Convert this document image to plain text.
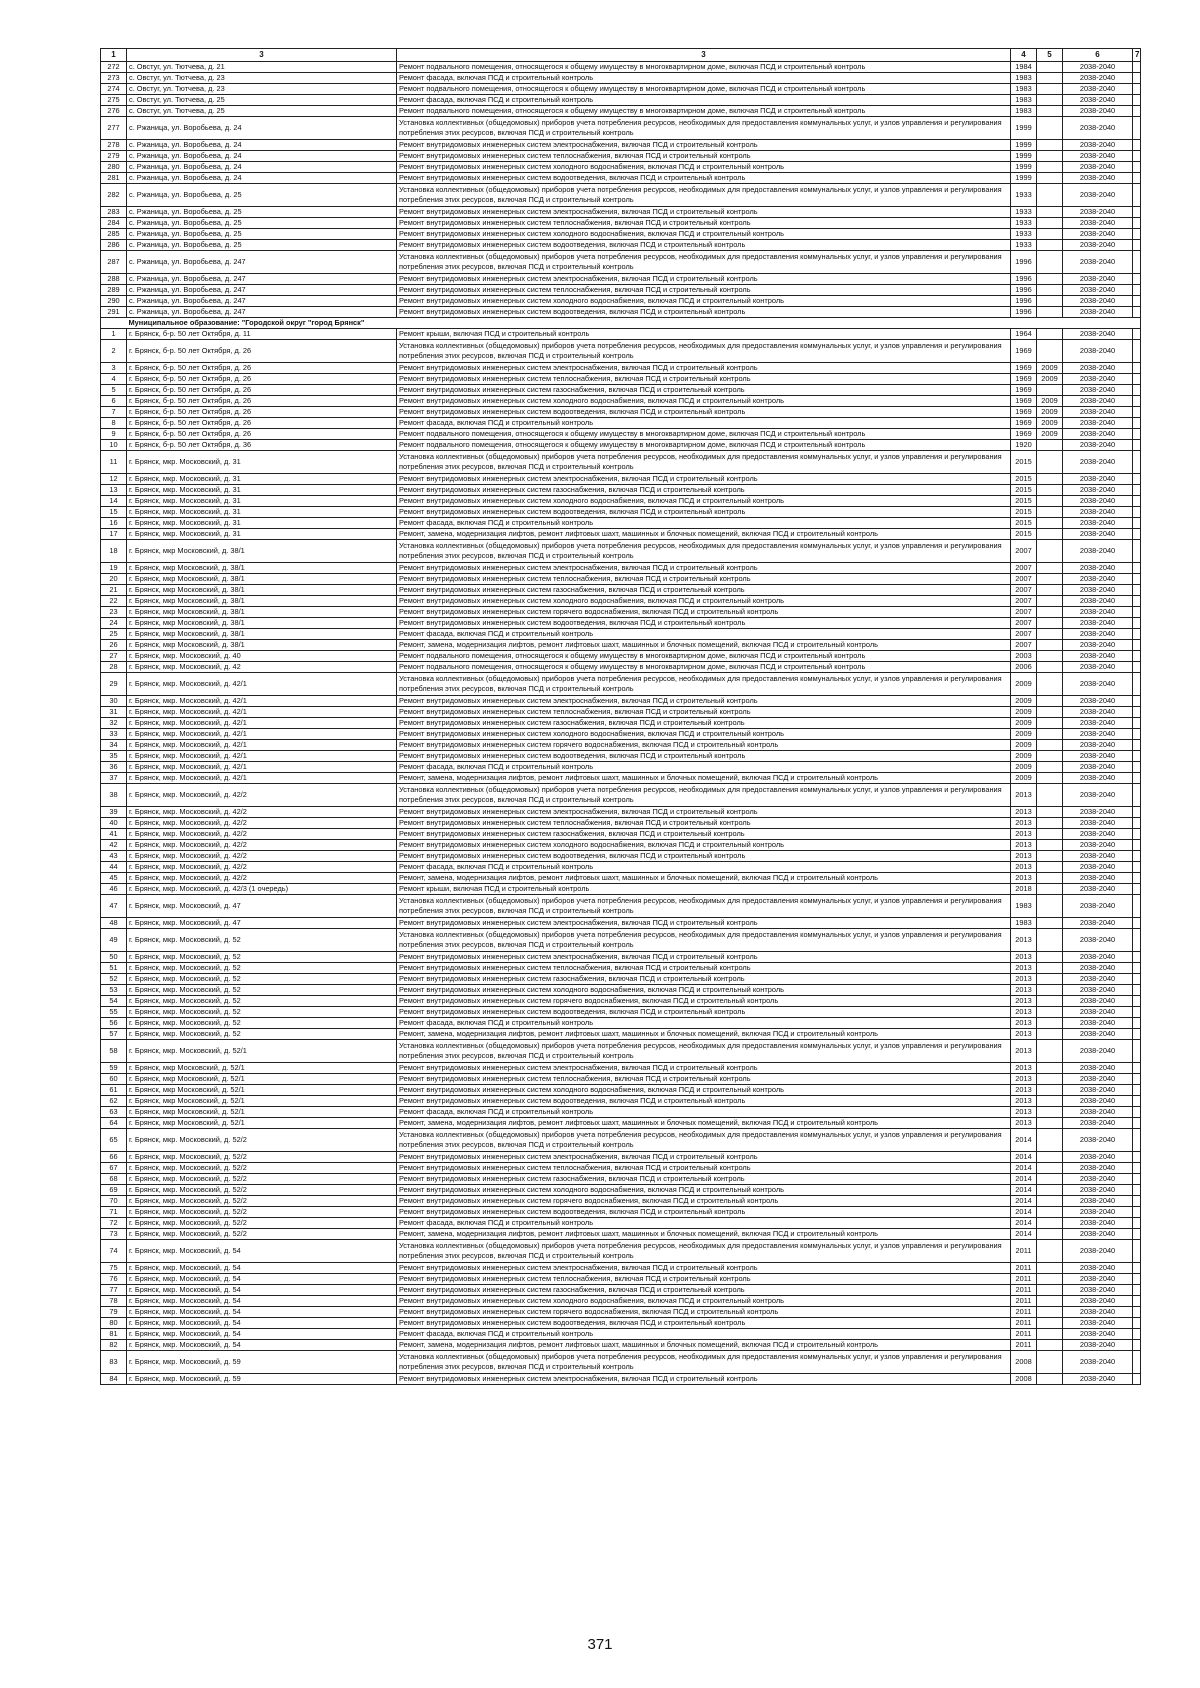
1	3	3	4	5	6	7
272	с. Овстуг, ул. Тютчева, д. 21	Ремонт подвального помещения, относящегося к общему имуществу в многоквартирном доме, включая ПСД и строительный контроль	1984		2038-2040	
273	с. Овстуг, ул. Тютчева, д. 23	Ремонт фасада, включая ПСД и строительный контроль	1983		2038-2040	
274	с. Овстуг, ул. Тютчева, д. 23	Ремонт подвального помещения, относящегося к общему имуществу в многоквартирном доме, включая ПСД и строительный контроль	1983		2038-2040	
275	с. Овстуг, ул. Тютчева, д. 25	Ремонт фасада, включая ПСД и строительный контроль	1983		2038-2040	
276	с. Овстуг, ул. Тютчева, д. 25	Ремонт подвального помещения, относящегося к общему имуществу в многоквартирном доме, включая ПСД и строительный контроль	1983		2038-2040	
277	с. Ржаница, ул. Воробьева, д. 24	Установка коллективных (общедомовых) приборов учета потребления ресурсов, необходимых для предоставления коммунальных услуг, и узлов управления и регулирования потребления этих ресурсов, включая ПСД и строительный контроль	1999		2038-2040	
278	с. Ржаница, ул. Воробьева, д. 24	Ремонт внутридомовых инженерных систем электроснабжения, включая ПСД и строительный контроль	1999		2038-2040	
279	с. Ржаница, ул. Воробьева, д. 24	Ремонт внутридомовых инженерных систем теплоснабжения, включая ПСД и строительный контроль	1999		2038-2040	
280	с. Ржаница, ул. Воробьева, д. 24	Ремонт внутридомовых инженерных систем холодного водоснабжения, включая ПСД и строительный контроль	1999		2038-2040	
281	с. Ржаница, ул. Воробьева, д. 24	Ремонт внутридомовых инженерных систем водоотведения, включая ПСД и строительный контроль	1999		2038-2040	
282	с. Ржаница, ул. Воробьева, д. 25	Установка коллективных (общедомовых) приборов учета потребления ресурсов, необходимых для предоставления коммунальных услуг, и узлов управления и регулирования потребления этих ресурсов, включая ПСД и строительный контроль	1933		2038-2040	
283	с. Ржаница, ул. Воробьева, д. 25	Ремонт внутридомовых инженерных систем электроснабжения, включая ПСД и строительный контроль	1933		2038-2040	
284	с. Ржаница, ул. Воробьева, д. 25	Ремонт внутридомовых инженерных систем теплоснабжения, включая ПСД и строительный контроль	1933		2038-2040	
285	с. Ржаница, ул. Воробьева, д. 25	Ремонт внутридомовых инженерных систем холодного водоснабжения, включая ПСД и строительный контроль	1933		2038-2040	
286	с. Ржаница, ул. Воробьева, д. 25	Ремонт внутридомовых инженерных систем водоотведения, включая ПСД и строительный контроль	1933		2038-2040	
287	с. Ржаница, ул. Воробьева, д. 247	Установка коллективных (общедомовых) приборов учета потребления ресурсов, необходимых для предоставления коммунальных услуг, и узлов управления и регулирования потребления этих ресурсов, включая ПСД и строительный контроль	1996		2038-2040	
288	с. Ржаница, ул. Воробьева, д. 247	Ремонт внутридомовых инженерных систем электроснабжения, включая ПСД и строительный контроль	1996		2038-2040	
289	с. Ржаница, ул. Воробьева, д. 247	Ремонт внутридомовых инженерных систем теплоснабжения, включая ПСД и строительный контроль	1996		2038-2040	
290	с. Ржаница, ул. Воробьева, д. 247	Ремонт внутридомовых инженерных систем холодного водоснабжения, включая ПСД и строительный контроль	1996		2038-2040	
291	с. Ржаница, ул. Воробьева, д. 247	Ремонт внутридомовых инженерных систем водоотведения, включая ПСД и строительный контроль	1996		2038-2040	
	Муниципальное образование: "Городской округ "город Брянск"					
1	г. Брянск, б-р. 50 лет Октября, д. 11	Ремонт крыши, включая ПСД и строительный контроль	1964		2038-2040	
2	г. Брянск, б-р. 50 лет Октября, д. 26	Установка коллективных (общедомовых) приборов учета потребления ресурсов, необходимых для предоставления коммунальных услуг, и узлов управления и регулирования потребления этих ресурсов, включая ПСД и строительный контроль	1969		2038-2040	
3	г. Брянск, б-р. 50 лет Октября, д. 26	Ремонт внутридомовых инженерных систем электроснабжения, включая ПСД и строительный контроль	1969	2009	2038-2040	
4	г. Брянск, б-р. 50 лет Октября, д. 26	Ремонт внутридомовых инженерных систем теплоснабжения, включая ПСД и строительный контроль	1969	2009	2038-2040	
5	г. Брянск, б-р. 50 лет Октября, д. 26	Ремонт внутридомовых инженерных систем газоснабжения, включая ПСД и строительный контроль	1969		2038-2040	
6	г. Брянск, б-р. 50 лет Октября, д. 26	Ремонт внутридомовых инженерных систем холодного водоснабжения, включая ПСД и строительный контроль	1969	2009	2038-2040	
7	г. Брянск, б-р. 50 лет Октября, д. 26	Ремонт внутридомовых инженерных систем водоотведения, включая ПСД и строительный контроль	1969	2009	2038-2040	
8	г. Брянск, б-р. 50 лет Октября, д. 26	Ремонт фасада, включая ПСД и строительный контроль	1969	2009	2038-2040	
9	г. Брянск, б-р. 50 лет Октября, д. 26	Ремонт подвального помещения, относящегося к общему имуществу в многоквартирном доме, включая ПСД и строительный контроль	1969	2009	2038-2040	
10	г. Брянск, б-р. 50 лет Октября, д. 36	Ремонт подвального помещения, относящегося к общему имуществу в многоквартирном доме, включая ПСД и строительный контроль	1920		2038-2040	
11	г. Брянск, мкр. Московский, д. 31	Установка коллективных (общедомовых) приборов учета потребления ресурсов, необходимых для предоставления коммунальных услуг, и узлов управления и регулирования потребления этих ресурсов, включая ПСД и строительный контроль	2015		2038-2040	
12	г. Брянск, мкр. Московский, д. 31	Ремонт внутридомовых инженерных систем электроснабжения, включая ПСД и строительный контроль	2015		2038-2040	
13	г. Брянск, мкр. Московский, д. 31	Ремонт внутридомовых инженерных систем газоснабжения, включая ПСД и строительный контроль	2015		2038-2040	
14	г. Брянск, мкр. Московский, д. 31	Ремонт внутридомовых инженерных систем холодного водоснабжения, включая ПСД и строительный контроль	2015		2038-2040	
15	г. Брянск, мкр. Московский, д. 31	Ремонт внутридомовых инженерных систем водоотведения, включая ПСД и строительный контроль	2015		2038-2040	
16	г. Брянск, мкр. Московский, д. 31	Ремонт фасада, включая ПСД и строительный контроль	2015		2038-2040	
17	г. Брянск, мкр. Московский, д. 31	Ремонт, замена, модернизация лифтов, ремонт лифтовых шахт, машинных и блочных помещений, включая ПСД и строительный контроль	2015		2038-2040	
18	г. Брянск, мкр Московский, д. 38/1	Установка коллективных (общедомовых) приборов учета потребления ресурсов, необходимых для предоставления коммунальных услуг, и узлов управления и регулирования потребления этих ресурсов, включая ПСД и строительный контроль	2007		2038-2040	
19	г. Брянск, мкр Московский, д. 38/1	Ремонт внутридомовых инженерных систем электроснабжения, включая ПСД и строительный контроль	2007		2038-2040	
20	г. Брянск, мкр Московский, д. 38/1	Ремонт внутридомовых инженерных систем теплоснабжения, включая ПСД и строительный контроль	2007		2038-2040	
21	г. Брянск, мкр Московский, д. 38/1	Ремонт внутридомовых инженерных систем газоснабжения, включая ПСД и строительный контроль	2007		2038-2040	
22	г. Брянск, мкр Московский, д. 38/1	Ремонт внутридомовых инженерных систем холодного водоснабжения, включая ПСД и строительный контроль	2007		2038-2040	
23	г. Брянск, мкр Московский, д. 38/1	Ремонт внутридомовых инженерных систем горячего водоснабжения, включая ПСД и строительный контроль	2007		2038-2040	
24	г. Брянск, мкр Московский, д. 38/1	Ремонт внутридомовых инженерных систем водоотведения, включая ПСД и строительный контроль	2007		2038-2040	
25	г. Брянск, мкр Московский, д. 38/1	Ремонт фасада, включая ПСД и строительный контроль	2007		2038-2040	
26	г. Брянск, мкр Московский, д. 38/1	Ремонт, замена, модернизация лифтов, ремонт лифтовых шахт, машинных и блочных помещений, включая ПСД и строительный контроль	2007		2038-2040	
27	г. Брянск, мкр. Московский, д. 40	Ремонт подвального помещения, относящегося к общему имуществу в многоквартирном доме, включая ПСД и строительный контроль	2003		2038-2040	
28	г. Брянск, мкр. Московский, д. 42	Ремонт подвального помещения, относящегося к общему имуществу в многоквартирном доме, включая ПСД и строительный контроль	2006		2038-2040	
29	г. Брянск, мкр. Московский, д. 42/1	Установка коллективных (общедомовых) приборов учета потребления ресурсов, необходимых для предоставления коммунальных услуг, и узлов управления и регулирования потребления этих ресурсов, включая ПСД и строительный контроль	2009		2038-2040	
30	г. Брянск, мкр. Московский, д. 42/1	Ремонт внутридомовых инженерных систем электроснабжения, включая ПСД и строительный контроль	2009		2038-2040	
31	г. Брянск, мкр. Московский, д. 42/1	Ремонт внутридомовых инженерных систем теплоснабжения, включая ПСД и строительный контроль	2009		2038-2040	
32	г. Брянск, мкр. Московский, д. 42/1	Ремонт внутридомовых инженерных систем газоснабжения, включая ПСД и строительный контроль	2009		2038-2040	
33	г. Брянск, мкр. Московский, д. 42/1	Ремонт внутридомовых инженерных систем холодного водоснабжения, включая ПСД и строительный контроль	2009		2038-2040	
34	г. Брянск, мкр. Московский, д. 42/1	Ремонт внутридомовых инженерных систем горячего водоснабжения, включая ПСД и строительный контроль	2009		2038-2040	
35	г. Брянск, мкр. Московский, д. 42/1	Ремонт внутридомовых инженерных систем водоотведения, включая ПСД и строительный контроль	2009		2038-2040	
36	г. Брянск, мкр. Московский, д. 42/1	Ремонт фасада, включая ПСД и строительный контроль	2009		2038-2040	
37	г. Брянск, мкр. Московский, д. 42/1	Ремонт, замена, модернизация лифтов, ремонт лифтовых шахт, машинных и блочных помещений, включая ПСД и строительный контроль	2009		2038-2040	
38	г. Брянск, мкр. Московский, д. 42/2	Установка коллективных (общедомовых) приборов учета потребления ресурсов, необходимых для предоставления коммунальных услуг, и узлов управления и регулирования потребления этих ресурсов, включая ПСД и строительный контроль	2013		2038-2040	
39	г. Брянск, мкр. Московский, д. 42/2	Ремонт внутридомовых инженерных систем электроснабжения, включая ПСД и строительный контроль	2013		2038-2040	
40	г. Брянск, мкр. Московский, д. 42/2	Ремонт внутридомовых инженерных систем теплоснабжения, включая ПСД и строительный контроль	2013		2038-2040	
41	г. Брянск, мкр. Московский, д. 42/2	Ремонт внутридомовых инженерных систем газоснабжения, включая ПСД и строительный контроль	2013		2038-2040	
42	г. Брянск, мкр. Московский, д. 42/2	Ремонт внутридомовых инженерных систем холодного водоснабжения, включая ПСД и строительный контроль	2013		2038-2040	
43	г. Брянск, мкр. Московский, д. 42/2	Ремонт внутридомовых инженерных систем водоотведения, включая ПСД и строительный контроль	2013		2038-2040	
44	г. Брянск, мкр. Московский, д. 42/2	Ремонт фасада, включая ПСД и строительный контроль	2013		2038-2040	
45	г. Брянск, мкр. Московский, д. 42/2	Ремонт, замена, модернизация лифтов, ремонт лифтовых шахт, машинных и блочных помещений, включая ПСД и строительный контроль	2013		2038-2040	
46	г. Брянск, мкр. Московский, д. 42/3 (1 очередь)	Ремонт крыши, включая ПСД и строительный контроль	2018		2038-2040	
47	г. Брянск, мкр. Московский, д. 47	Установка коллективных (общедомовых) приборов учета потребления ресурсов, необходимых для предоставления коммунальных услуг, и узлов управления и регулирования потребления этих ресурсов, включая ПСД и строительный контроль	1983		2038-2040	
48	г. Брянск, мкр. Московский, д. 47	Ремонт внутридомовых инженерных систем электроснабжения, включая ПСД и строительный контроль	1983		2038-2040	
49	г. Брянск, мкр. Московский, д. 52	Установка коллективных (общедомовых) приборов учета потребления ресурсов, необходимых для предоставления коммунальных услуг, и узлов управления и регулирования потребления этих ресурсов, включая ПСД и строительный контроль	2013		2038-2040	
50	г. Брянск, мкр. Московский, д. 52	Ремонт внутридомовых инженерных систем электроснабжения, включая ПСД и строительный контроль	2013		2038-2040	
51	г. Брянск, мкр. Московский, д. 52	Ремонт внутридомовых инженерных систем теплоснабжения, включая ПСД и строительный контроль	2013		2038-2040	
52	г. Брянск, мкр. Московский, д. 52	Ремонт внутридомовых инженерных систем газоснабжения, включая ПСД и строительный контроль	2013		2038-2040	
53	г. Брянск, мкр. Московский, д. 52	Ремонт внутридомовых инженерных систем холодного водоснабжения, включая ПСД и строительный контроль	2013		2038-2040	
54	г. Брянск, мкр. Московский, д. 52	Ремонт внутридомовых инженерных систем горячего водоснабжения, включая ПСД и строительный контроль	2013		2038-2040	
55	г. Брянск, мкр. Московский, д. 52	Ремонт внутридомовых инженерных систем водоотведения, включая ПСД и строительный контроль	2013		2038-2040	
56	г. Брянск, мкр. Московский, д. 52	Ремонт фасада, включая ПСД и строительный контроль	2013		2038-2040	
57	г. Брянск, мкр. Московский, д. 52	Ремонт, замена, модернизация лифтов, ремонт лифтовых шахт, машинных и блочных помещений, включая ПСД и строительный контроль	2013		2038-2040	
58	г. Брянск, мкр. Московский, д. 52/1	Установка коллективных (общедомовых) приборов учета потребления ресурсов, необходимых для предоставления коммунальных услуг, и узлов управления и регулирования потребления этих ресурсов, включая ПСД и строительный контроль	2013		2038-2040	
59	г. Брянск, мкр Московский, д. 52/1	Ремонт внутридомовых инженерных систем электроснабжения, включая ПСД и строительный контроль	2013		2038-2040	
60	г. Брянск, мкр Московский, д. 52/1	Ремонт внутридомовых инженерных систем теплоснабжения, включая ПСД и строительный контроль	2013		2038-2040	
61	г. Брянск, мкр Московский, д. 52/1	Ремонт внутридомовых инженерных систем холодного водоснабжения, включая ПСД и строительный контроль	2013		2038-2040	
62	г. Брянск, мкр Московский, д. 52/1	Ремонт внутридомовых инженерных систем водоотведения, включая ПСД и строительный контроль	2013		2038-2040	
63	г. Брянск, мкр Московский, д. 52/1	Ремонт фасада, включая ПСД и строительный контроль	2013		2038-2040	
64	г. Брянск, мкр Московский, д. 52/1	Ремонт, замена, модернизация лифтов, ремонт лифтовых шахт, машинных и блочных помещений, включая ПСД и строительный контроль	2013		2038-2040	
65	г. Брянск, мкр. Московский, д. 52/2	Установка коллективных (общедомовых) приборов учета потребления ресурсов, необходимых для предоставления коммунальных услуг, и узлов управления и регулирования потребления этих ресурсов, включая ПСД и строительный контроль	2014		2038-2040	
66	г. Брянск, мкр. Московский, д. 52/2	Ремонт внутридомовых инженерных систем электроснабжения, включая ПСД и строительный контроль	2014		2038-2040	
67	г. Брянск, мкр. Московский, д. 52/2	Ремонт внутридомовых инженерных систем теплоснабжения, включая ПСД и строительный контроль	2014		2038-2040	
68	г. Брянск, мкр. Московский, д. 52/2	Ремонт внутридомовых инженерных систем газоснабжения, включая ПСД и строительный контроль	2014		2038-2040	
69	г. Брянск, мкр. Московский, д. 52/2	Ремонт внутридомовых инженерных систем холодного водоснабжения, включая ПСД и строительный контроль	2014		2038-2040	
70	г. Брянск, мкр. Московский, д. 52/2	Ремонт внутридомовых инженерных систем горячего водоснабжения, включая ПСД и строительный контроль	2014		2038-2040	
71	г. Брянск, мкр. Московский, д. 52/2	Ремонт внутридомовых инженерных систем водоотведения, включая ПСД и строительный контроль	2014		2038-2040	
72	г. Брянск, мкр. Московский, д. 52/2	Ремонт фасада, включая ПСД и строительный контроль	2014		2038-2040	
73	г. Брянск, мкр. Московский, д. 52/2	Ремонт, замена, модернизация лифтов, ремонт лифтовых шахт, машинных и блочных помещений, включая ПСД и строительный контроль	2014		2038-2040	
74	г. Брянск, мкр. Московский, д. 54	Установка коллективных (общедомовых) приборов учета потребления ресурсов, необходимых для предоставления коммунальных услуг, и узлов управления и регулирования потребления этих ресурсов, включая ПСД и строительный контроль	2011		2038-2040	
75	г. Брянск, мкр. Московский, д. 54	Ремонт внутридомовых инженерных систем электроснабжения, включая ПСД и строительный контроль	2011		2038-2040	
76	г. Брянск, мкр. Московский, д. 54	Ремонт внутридомовых инженерных систем теплоснабжения, включая ПСД и строительный контроль	2011		2038-2040	
77	г. Брянск, мкр. Московский, д. 54	Ремонт внутридомовых инженерных систем газоснабжения, включая ПСД и строительный контроль	2011		2038-2040	
78	г. Брянск, мкр. Московский, д. 54	Ремонт внутридомовых инженерных систем холодного водоснабжения, включая ПСД и строительный контроль	2011		2038-2040	
79	г. Брянск, мкр. Московский, д. 54	Ремонт внутридомовых инженерных систем горячего водоснабжения, включая ПСД и строительный контроль	2011		2038-2040	
80	г. Брянск, мкр. Московский, д. 54	Ремонт внутридомовых инженерных систем водоотведения, включая ПСД и строительный контроль	2011		2038-2040	
81	г. Брянск, мкр. Московский, д. 54	Ремонт фасада, включая ПСД и строительный контроль	2011		2038-2040	
82	г. Брянск, мкр. Московский, д. 54	Ремонт, замена, модернизация лифтов, ремонт лифтовых шахт, машинных и блочных помещений, включая ПСД и строительный контроль	2011		2038-2040	
83	г. Брянск, мкр. Московский, д. 59	Установка коллективных (общедомовых) приборов учета потребления ресурсов, необходимых для предоставления коммунальных услуг, и узлов управления и регулирования потребления этих ресурсов, включая ПСД и строительный контроль	2008		2038-2040	
84	г. Брянск, мкр. Московский, д. 59	Ремонт внутридомовых инженерных систем электроснабжения, включая ПСД и строительный контроль	2008		2038-2040	
371
